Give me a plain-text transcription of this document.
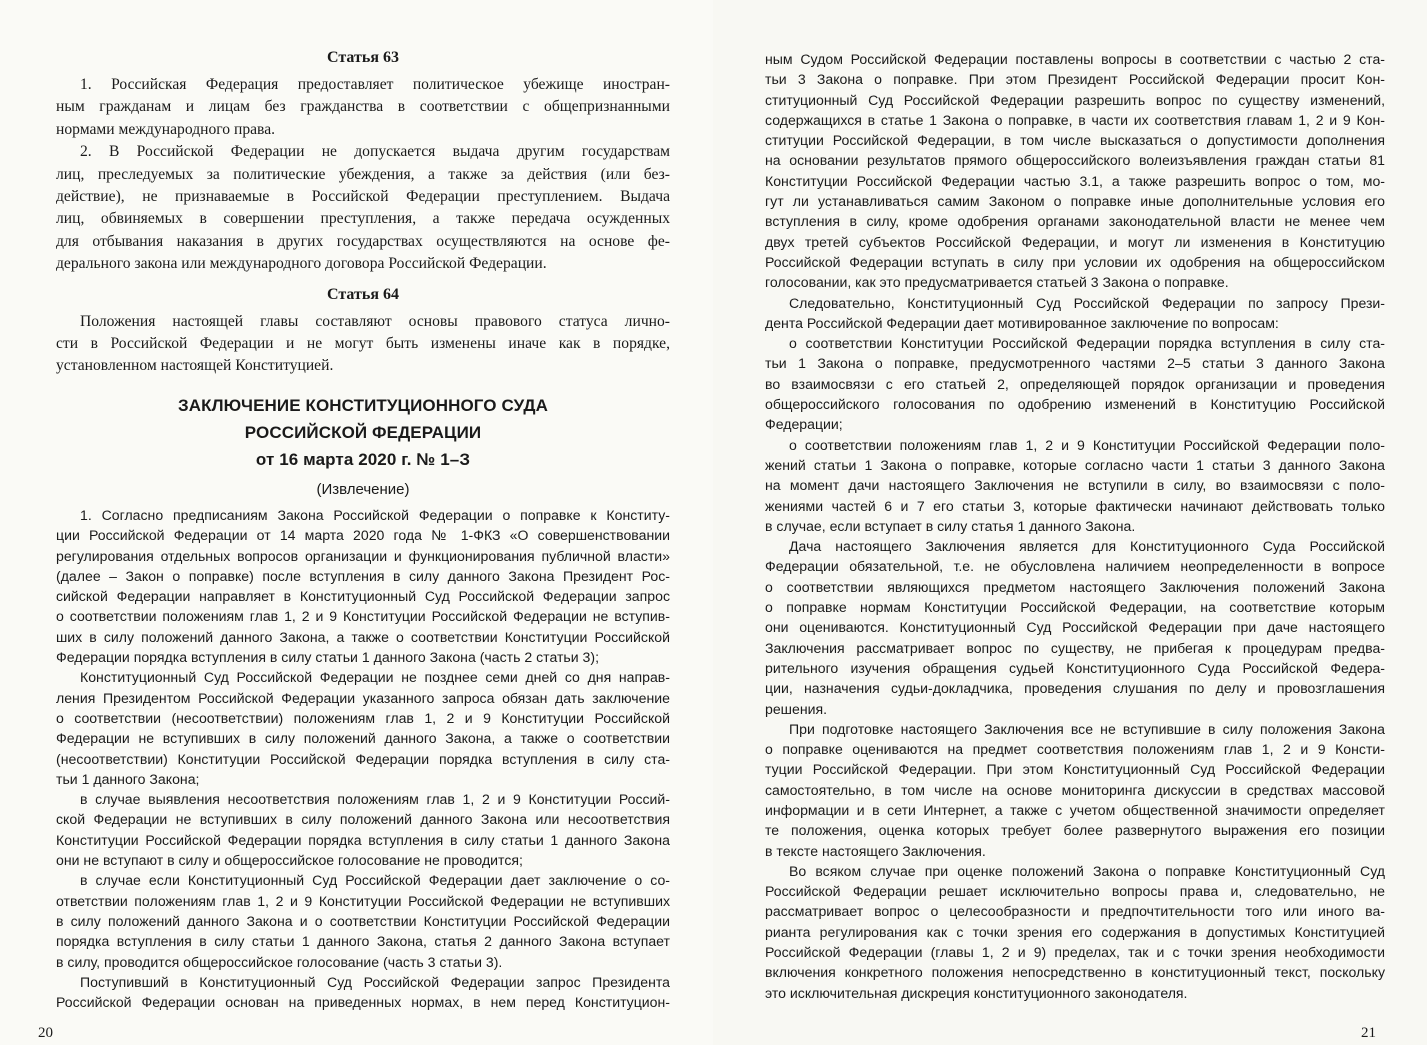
Статья 63

1. Российская Федерация предоставляет политическое убежище иностран-
ным гражданам и лицам без гражданства в соответствии с общепризнанными
нормами международного права.

2. В Российской Федерации не допускается выдача другим государствам
лиц, преследуемых за политические убеждения, а также за действия (или без-
действие), не признаваемые в Российской Федерации преступлением. Выдача
лиц, обвиняемых в совершении преступления, а также передача осужденных
для отбывания наказания в других государствах осуществляются на основе фе-
дерального закона или международного договора Российской Федерации.

Статья 64

Положения настоящей главы составляют основы правового статуса лично-
сти в Российской Федерации и не могут быть изменены иначе как в порядке,
установленном настоящей Конституцией.

ЗАКЛЮЧЕНИЕ КОНСТИТУЦИОННОГО СУДА
РОССИЙСКОЙ ФЕДЕРАЦИИ
от 16 марта 2020 г. № 1–З
(Извлечение)

1. Согласно предписаниям Закона Российской Федерации о поправке к Конститу-
ции Российской Федерации от 14 марта 2020 года № 1-ФКЗ «О совершенствовании
регулирования отдельных вопросов организации и функционирования публичной власти»
(далее – Закон о поправке) после вступления в силу данного Закона Президент Рос-
сийской Федерации направляет в Конституционный Суд Российской Федерации запрос
о соответствии положениям глав 1, 2 и 9 Конституции Российской Федерации не вступив-
ших в силу положений данного Закона, а также о соответствии Конституции Российской
Федерации порядка вступления в силу статьи 1 данного Закона (часть 2 статьи 3);

Конституционный Суд Российской Федерации не позднее семи дней со дня направ-
ления Президентом Российской Федерации указанного запроса обязан дать заключение
о соответствии (несоответствии) положениям глав 1, 2 и 9 Конституции Российской
Федерации не вступивших в силу положений данного Закона, а также о соответствии
(несоответствии) Конституции Российской Федерации порядка вступления в силу ста-
тьи 1 данного Закона;

в случае выявления несоответствия положениям глав 1, 2 и 9 Конституции Россий-
ской Федерации не вступивших в силу положений данного Закона или несоответствия
Конституции Российской Федерации порядка вступления в силу статьи 1 данного Закона
они не вступают в силу и общероссийское голосование не проводится;

в случае если Конституционный Суд Российской Федерации дает заключение о со-
ответствии положениям глав 1, 2 и 9 Конституции Российской Федерации не вступивших
в силу положений данного Закона и о соответствии Конституции Российской Федерации
порядка вступления в силу статьи 1 данного Закона, статья 2 данного Закона вступает
в силу, проводится общероссийское голосование (часть 3 статьи 3).

Поступивший в Конституционный Суд Российской Федерации запрос Президента
Российской Федерации основан на приведенных нормах, в нем перед Конституцион-

20

ным Судом Российской Федерации поставлены вопросы в соответствии с частью 2 ста-
тьи 3 Закона о поправке. При этом Президент Российской Федерации просит Кон-
ституционный Суд Российской Федерации разрешить вопрос по существу изменений,
содержащихся в статье 1 Закона о поправке, в части их соответствия главам 1, 2 и 9 Кон-
ституции Российской Федерации, в том числе высказаться о допустимости дополнения
на основании результатов прямого общероссийского волеизъявления граждан статьи 81
Конституции Российской Федерации частью 3.1, а также разрешить вопрос о том, мо-
гут ли устанавливаться самим Законом о поправке иные дополнительные условия его
вступления в силу, кроме одобрения органами законодательной власти не менее чем
двух третей субъектов Российской Федерации, и могут ли изменения в Конституцию
Российской Федерации вступать в силу при условии их одобрения на общероссийском
голосовании, как это предусматривается статьей 3 Закона о поправке.

Следовательно, Конституционный Суд Российской Федерации по запросу Прези-
дента Российской Федерации дает мотивированное заключение по вопросам:

о соответствии Конституции Российской Федерации порядка вступления в силу ста-
тьи 1 Закона о поправке, предусмотренного частями 2–5 статьи 3 данного Закона
во взаимосвязи с его статьей 2, определяющей порядок организации и проведения
общероссийского голосования по одобрению изменений в Конституцию Российской
Федерации;

о соответствии положениям глав 1, 2 и 9 Конституции Российской Федерации поло-
жений статьи 1 Закона о поправке, которые согласно части 1 статьи 3 данного Закона
на момент дачи настоящего Заключения не вступили в силу, во взаимосвязи с поло-
жениями частей 6 и 7 его статьи 3, которые фактически начинают действовать только
в случае, если вступает в силу статья 1 данного Закона.

Дача настоящего Заключения является для Конституционного Суда Российской
Федерации обязательной, т.е. не обусловлена наличием неопределенности в вопросе
о соответствии являющихся предметом настоящего Заключения положений Закона
о поправке нормам Конституции Российской Федерации, на соответствие которым
они оцениваются. Конституционный Суд Российской Федерации при даче настоящего
Заключения рассматривает вопрос по существу, не прибегая к процедурам предва-
рительного изучения обращения судьей Конституционного Суда Российской Федера-
ции, назначения судьи-докладчика, проведения слушания по делу и провозглашения
решения.

При подготовке настоящего Заключения все не вступившие в силу положения Закона
о поправке оцениваются на предмет соответствия положениям глав 1, 2 и 9 Консти-
туции Российской Федерации. При этом Конституционный Суд Российской Федерации
самостоятельно, в том числе на основе мониторинга дискуссии в средствах массовой
информации и в сети Интернет, а также с учетом общественной значимости определяет
те положения, оценка которых требует более развернутого выражения его позиции
в тексте настоящего Заключения.

Во всяком случае при оценке положений Закона о поправке Конституционный Суд
Российской Федерации решает исключительно вопросы права и, следовательно, не
рассматривает вопрос о целесообразности и предпочтительности того или иного ва-
рианта регулирования как с точки зрения его содержания в допустимых Конституцией
Российской Федерации (главы 1, 2 и 9) пределах, так и с точки зрения необходимости
включения конкретного положения непосредственно в конституционный текст, поскольку
это исключительная дискреция конституционного законодателя.

21
